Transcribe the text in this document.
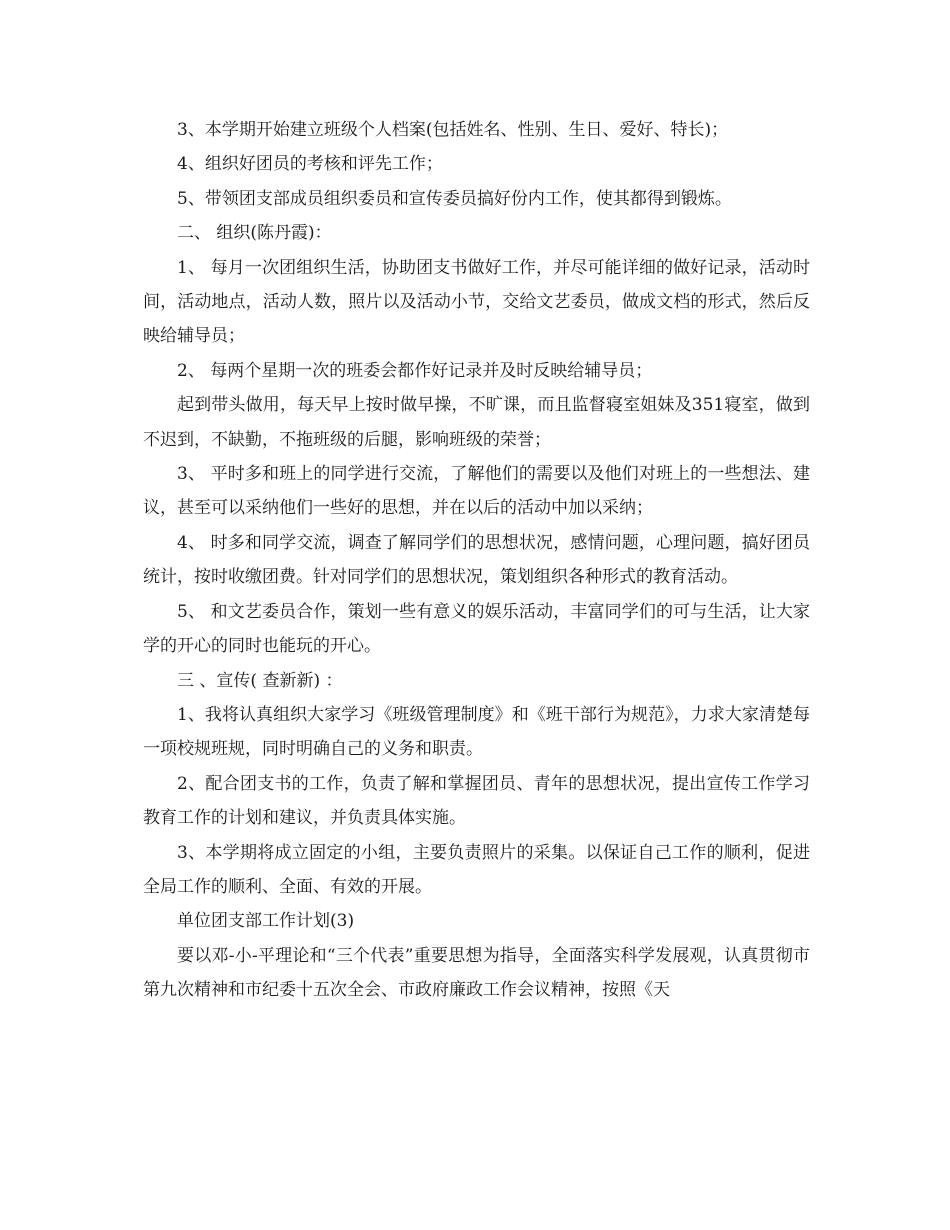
3、本学期开始建立班级个人档案(包括姓名、性别、生日、爱好、特长)；

4、组织好团员的考核和评先工作；

5、带领团支部成员组织委员和宣传委员搞好份内工作，使其都得到锻炼。

二、 组织(陈丹霞)：

1、 每月一次团组织生活，协助团支书做好工作，并尽可能详细的做好记录，活动时间，活动地点，活动人数，照片以及活动小节，交给文艺委员，做成文档的形式，然后反映给辅导员；

2、 每两个星期一次的班委会都作好记录并及时反映给辅导员；

起到带头做用，每天早上按时做早操，不旷课，而且监督寝室姐妹及351寝室，做到不迟到，不缺勤，不拖班级的后腿，影响班级的荣誉；

3、 平时多和班上的同学进行交流，了解他们的需要以及他们对班上的一些想法、建议，甚至可以采纳他们一些好的思想，并在以后的活动中加以采纳；

4、 时多和同学交流，调查了解同学们的思想状况，感情问题，心理问题，搞好团员统计，按时收缴团费。针对同学们的思想状况，策划组织各种形式的教育活动。

5、 和文艺委员合作，策划一些有意义的娱乐活动，丰富同学们的可与生活，让大家学的开心的同时也能玩的开心。

三 、宣传( 查新新) ：

1、我将认真组织大家学习《班级管理制度》和《班干部行为规范》，力求大家清楚每一项校规班规，同时明确自己的义务和职责。

2、配合团支书的工作，负责了解和掌握团员、青年的思想状况，提出宣传工作学习教育工作的计划和建议，并负责具体实施。

3、本学期将成立固定的小组，主要负责照片的采集。以保证自己工作的顺利，促进全局工作的顺利、全面、有效的开展。

单位团支部工作计划(3)

要以邓-小-平理论和“三个代表”重要思想为指导，全面落实科学发展观，认真贯彻市第九次精神和市纪委十五次全会、市政府廉政工作会议精神，按照《天
